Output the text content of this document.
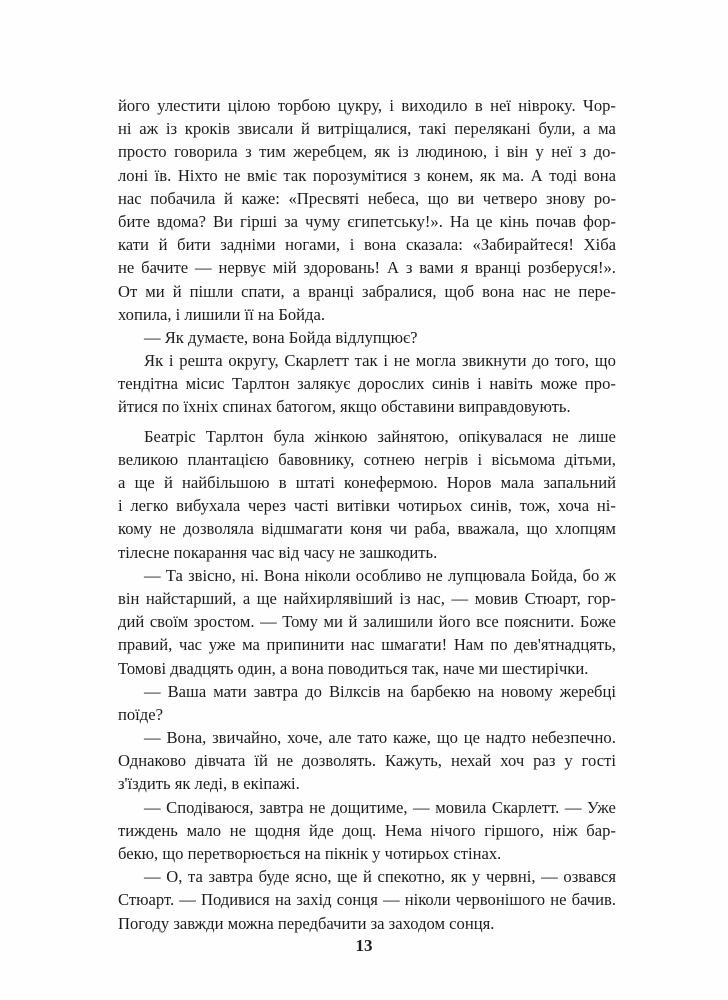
його улестити цілою торбою цукру, і виходило в неї ніврокy. Чор-
ні аж із кроків звисали й витріщалися, такі перелякані були, а ма
просто говорила з тим жеребцем, як із людиною, і він у неї з до-
лоні їв. Ніхто не вміє так порозумітися з конем, як ма. А тоді вона
нас побачила й каже: «Пресвяті небеса, що ви четверо знову ро-
бите вдома? Ви гірші за чуму єгипетську!». На це кінь почав фор-
кати й бити задніми ногами, і вона сказала: «Забирайтеся! Хіба
не бачите — нервує мій здоровань! А з вами я вранці розберуся!».
От ми й пішли спати, а вранці забралися, щоб вона нас не пере-
хопила, і лишили її на Бойда.
— Як думаєте, вона Бойда відлупцює?
Як і решта округу, Скарлетт так і не могла звикнути до того, що
тендітна місис Тарлтон залякує дорослих синів і навіть може про-
йтися по їхніх спинах батогом, якщо обставини виправдовують.
Беатріс Тарлтон була жінкою зайнятою, опікувалася не лише
великою плантацією бавовнику, сотнею негрів і вісьмома дітьми,
а ще й найбільшою в штаті конефермою. Норов мала запальний
і легко вибухала через часті витівки чотирьох синів, тож, хоча ні-
кому не дозволяла відшмагати коня чи раба, вважала, що хлопцям
тілесне покарання час від часу не зашкодить.
— Та звісно, ні. Вона ніколи особливо не лупцювала Бойда, бо ж
він найстарший, а ще найхирлявіший із нас, — мовив Стюарт, гор-
дий своїм зростом. — Тому ми й залишили його все пояснити. Боже
правий, час уже ма припинити нас шмагати! Нам по дев'ятнадцять,
Томові двадцять один, а вона поводиться так, наче ми шестирічки.
— Ваша мати завтра до Вілксів на барбекю на новому жеребці
поїде?
— Вона, звичайно, хоче, але тато каже, що це надто небезпечно.
Однаково дівчата їй не дозволять. Кажуть, нехай хоч раз у гості
з'їздить як леді, в екіпажі.
— Сподіваюся, завтра не дощитиме, — мовила Скарлетт. — Уже
тиждень мало не щодня йде дощ. Нема нічого гіршого, ніж бар-
бекю, що перетворюється на пікнік у чотирьох стінах.
— О, та завтра буде ясно, ще й спекотно, як у червні, — озвався
Стюарт. — Подивися на захід сонця — ніколи червонішого не бачив.
Погоду завжди можна передбачити за заходом сонця.
13
